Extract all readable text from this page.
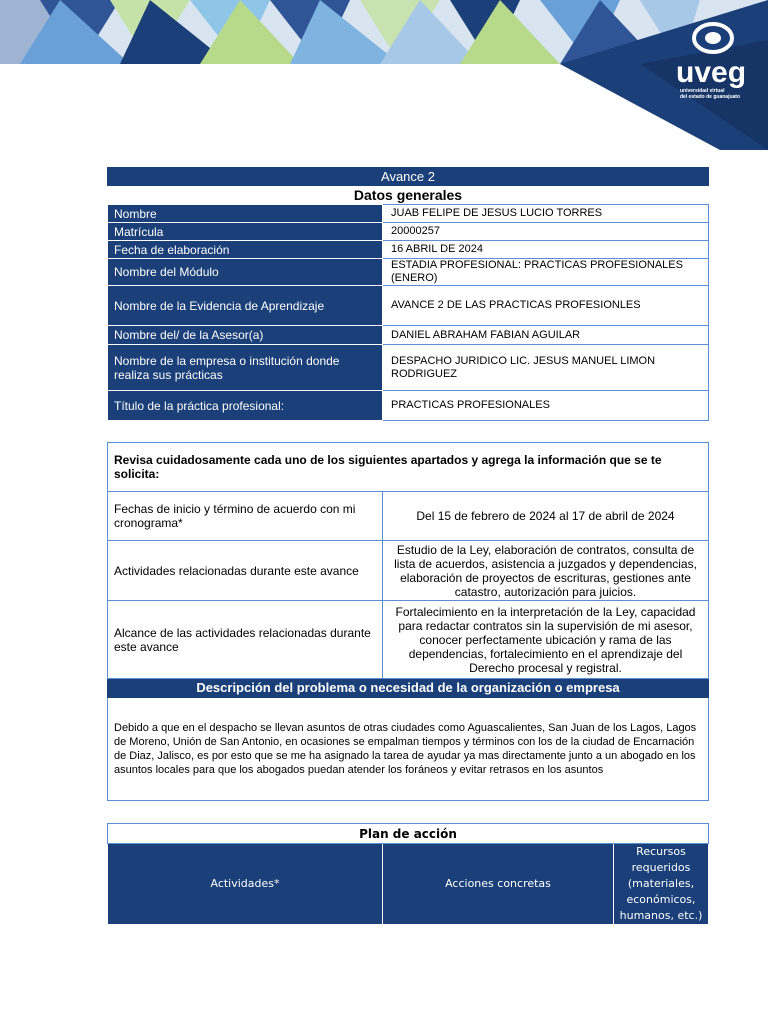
uveg
universidad virtual
del estado de guanajuato
Avance 2	
Datos generales	
Nombre	JUAB FELIPE DE JESUS LUCIO TORRES
Matrícula	20000257
Fecha de elaboración	16 ABRIL DE 2024
Nombre del Módulo	ESTADIA PROFESIONAL: PRACTICAS PROFESIONALES (ENERO)
Nombre de la Evidencia de Aprendizaje	AVANCE 2 DE LAS PRACTICAS PROFESIONLES
Nombre del/ de la Asesor(a)	DANIEL ABRAHAM FABIAN AGUILAR
Nombre de la empresa o institución donde realiza sus prácticas	DESPACHO JURIDICO LIC. JESUS MANUEL LIMON RODRIGUEZ
Título de la práctica profesional:	PRACTICAS PROFESIONALES
Revisa cuidadosamente cada uno de los siguientes apartados y agrega la información que se te solicita:	
Fechas de inicio y término de acuerdo con mi cronograma*	Del 15 de febrero de 2024 al 17 de abril de 2024
Actividades relacionadas durante este avance	Estudio de la Ley, elaboración de contratos, consulta de lista de acuerdos, asistencia a juzgados y dependencias, elaboración de proyectos de escrituras, gestiones ante catastro, autorización para juicios.
Alcance de las actividades relacionadas durante este avance	Fortalecimiento en la interpretación de la Ley, capacidad para redactar contratos sin la supervisión de mi asesor, conocer perfectamente ubicación y rama de las dependencias, fortalecimiento en el aprendizaje del Derecho procesal y registral.
Descripción del problema o necesidad de la organización o empresa	
Debido a que en el despacho se llevan asuntos de otras ciudades como Aguascalientes, San Juan de los Lagos, Lagos de Moreno, Unión de San Antonio, en ocasiones se empalman tiempos y términos con los de la ciudad de Encarnación de Diaz, Jalisco, es por esto que se me ha asignado la tarea de ayudar ya mas directamente junto a un abogado en los asuntos locales para que los abogados puedan atender los foráneos y evitar retrasos en los asuntos	
Plan de acción
Actividades*	Acciones concretas	Recursos requeridos (materiales, económicos, humanos, etc.)
